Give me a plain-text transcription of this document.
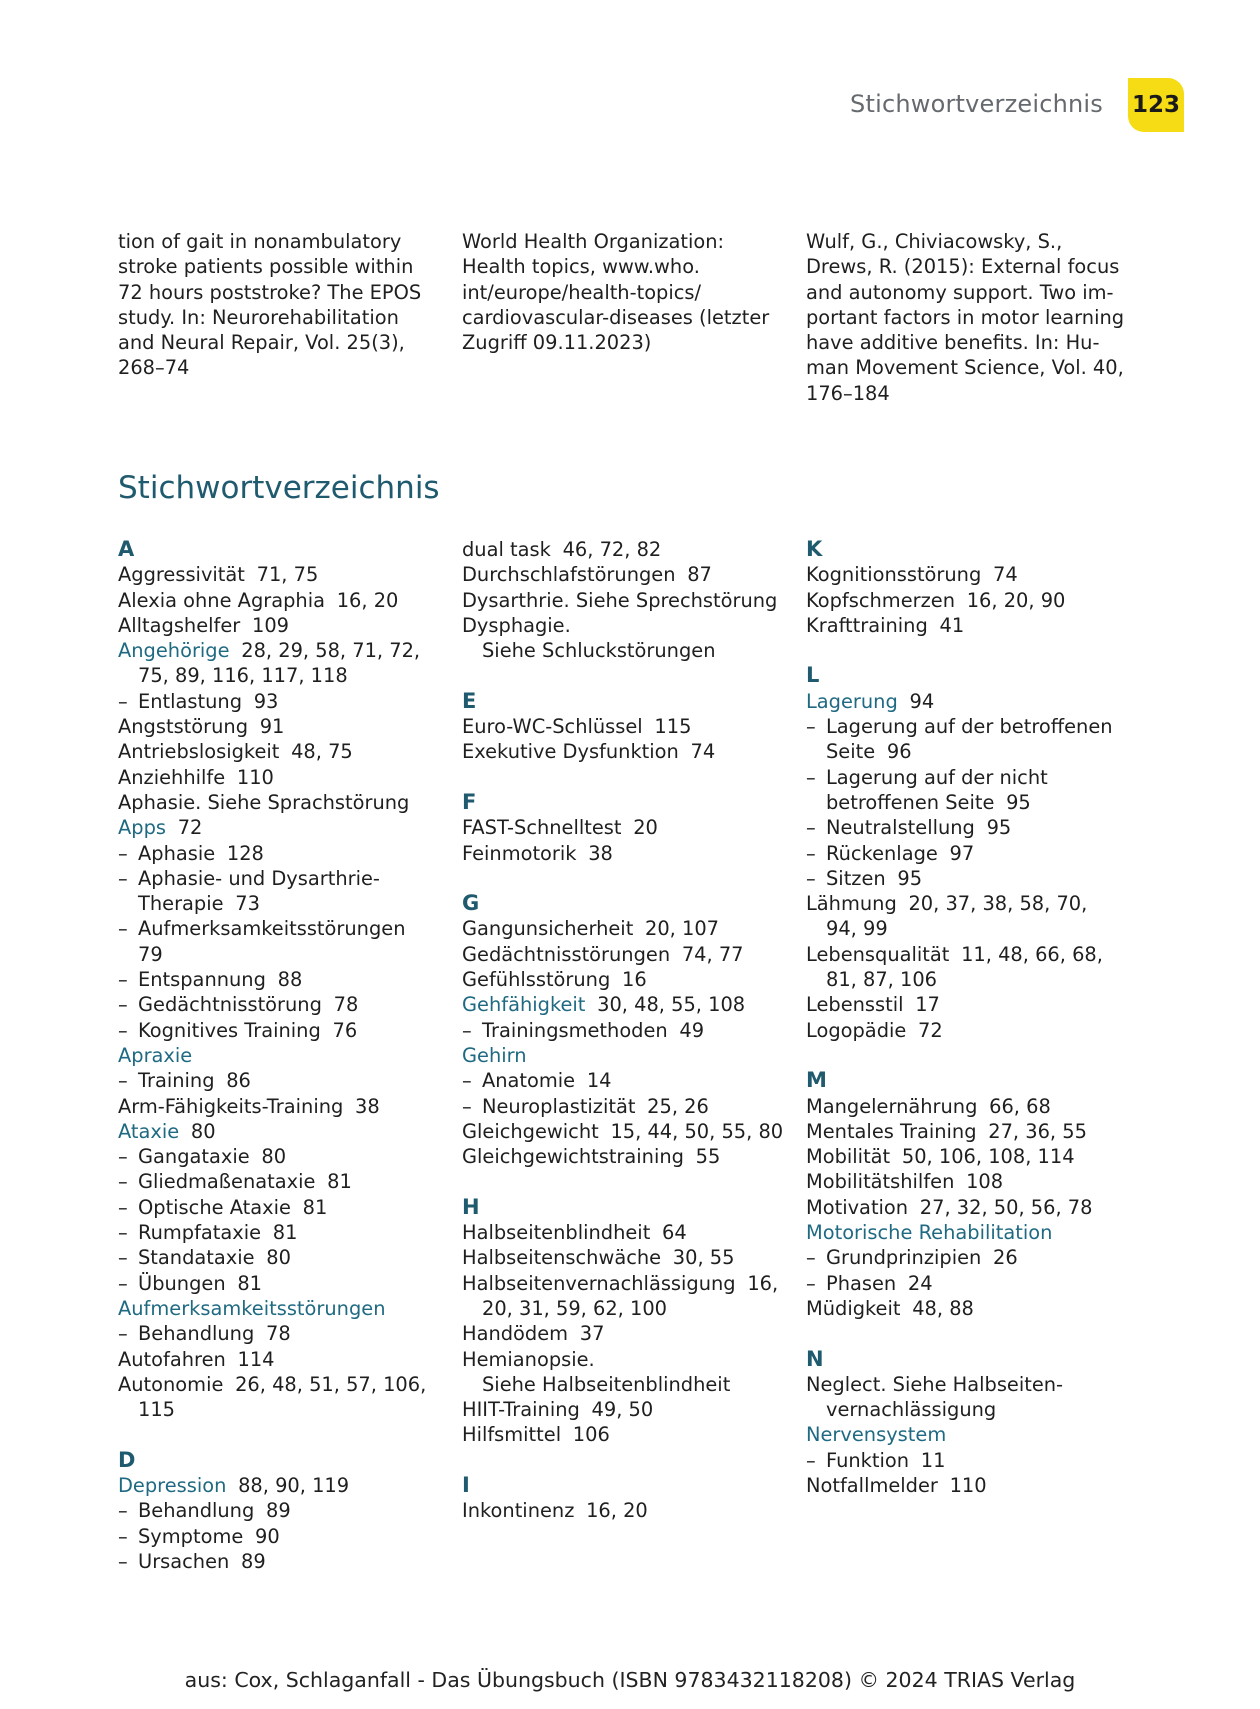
Stichwortverzeichnis 123
tion of gait in nonambulatory
stroke patients possible within
72 hours poststroke? The EPOS
study. In: Neurorehabilitation
and Neural Repair, Vol. 25(3),
268–74
World Health Organization:
Health topics, www.who.
int/europe/health-topics/
cardiovascular-diseases (letzter
Zugriff 09.11.2023)
Wulf, G., Chiviacowsky, S.,
Drews, R. (2015): External focus
and autonomy support. Two im-
portant factors in motor learning
have additive benefits. In: Hu-
man Movement Science, Vol. 40,
176–184
Stichwortverzeichnis
A
Aggressivität  71, 75
Alexia ohne Agraphia  16, 20
Alltagshelfer  109
Angehörige  28, 29, 58, 71, 72,
75, 89, 116, 117, 118
– Entlastung  93
Angststörung  91
Antriebslosigkeit  48, 75
Anziehhilfe  110
Aphasie. Siehe Sprachstörung
Apps  72
– Aphasie  128
– Aphasie- und Dysarthrie-
Therapie  73
– Aufmerksamkeitsstörungen
79
– Entspannung  88
– Gedächtnisstörung  78
– Kognitives Training  76
Apraxie
– Training  86
Arm-Fähigkeits-Training  38
Ataxie  80
– Gangataxie  80
– Gliedmaßenataxie  81
– Optische Ataxie  81
– Rumpfataxie  81
– Standataxie  80
– Übungen  81
Aufmerksamkeitsstörungen
– Behandlung  78
Autofahren  114
Autonomie  26, 48, 51, 57, 106,
115
D
Depression  88, 90, 119
– Behandlung  89
– Symptome  90
– Ursachen  89
dual task  46, 72, 82
Durchschlafstörungen  87
Dysarthrie. Siehe Sprechstörung
Dysphagie.
Siehe Schluckstörungen
E
Euro-WC-Schlüssel  115
Exekutive Dysfunktion  74
F
FAST-Schnelltest  20
Feinmotorik  38
G
Gangunsicherheit  20, 107
Gedächtnisstörungen  74, 77
Gefühlsstörung  16
Gehfähigkeit  30, 48, 55, 108
– Trainingsmethoden  49
Gehirn
– Anatomie  14
– Neuroplastizität  25, 26
Gleichgewicht  15, 44, 50, 55, 80
Gleichgewichtstraining  55
H
Halbseitenblindheit  64
Halbseitenschwäche  30, 55
Halbseitenvernachlässigung  16,
20, 31, 59, 62, 100
Handödem  37
Hemianopsie.
Siehe Halbseitenblindheit
HIIT-Training  49, 50
Hilfsmittel  106
I
Inkontinenz  16, 20
K
Kognitionsstörung  74
Kopfschmerzen  16, 20, 90
Krafttraining  41
L
Lagerung  94
– Lagerung auf der betroffenen
Seite  96
– Lagerung auf der nicht
betroffenen Seite  95
– Neutralstellung  95
– Rückenlage  97
– Sitzen  95
Lähmung  20, 37, 38, 58, 70,
94, 99
Lebensqualität  11, 48, 66, 68,
81, 87, 106
Lebensstil  17
Logopädie  72
M
Mangelernährung  66, 68
Mentales Training  27, 36, 55
Mobilität  50, 106, 108, 114
Mobilitätshilfen  108
Motivation  27, 32, 50, 56, 78
Motorische Rehabilitation
– Grundprinzipien  26
– Phasen  24
Müdigkeit  48, 88
N
Neglect. Siehe Halbseiten-
vernachlässigung
Nervensystem
– Funktion  11
Notfallmelder  110
aus: Cox, Schlaganfall - Das Übungsbuch (ISBN 9783432118208) © 2024 TRIAS Verlag
